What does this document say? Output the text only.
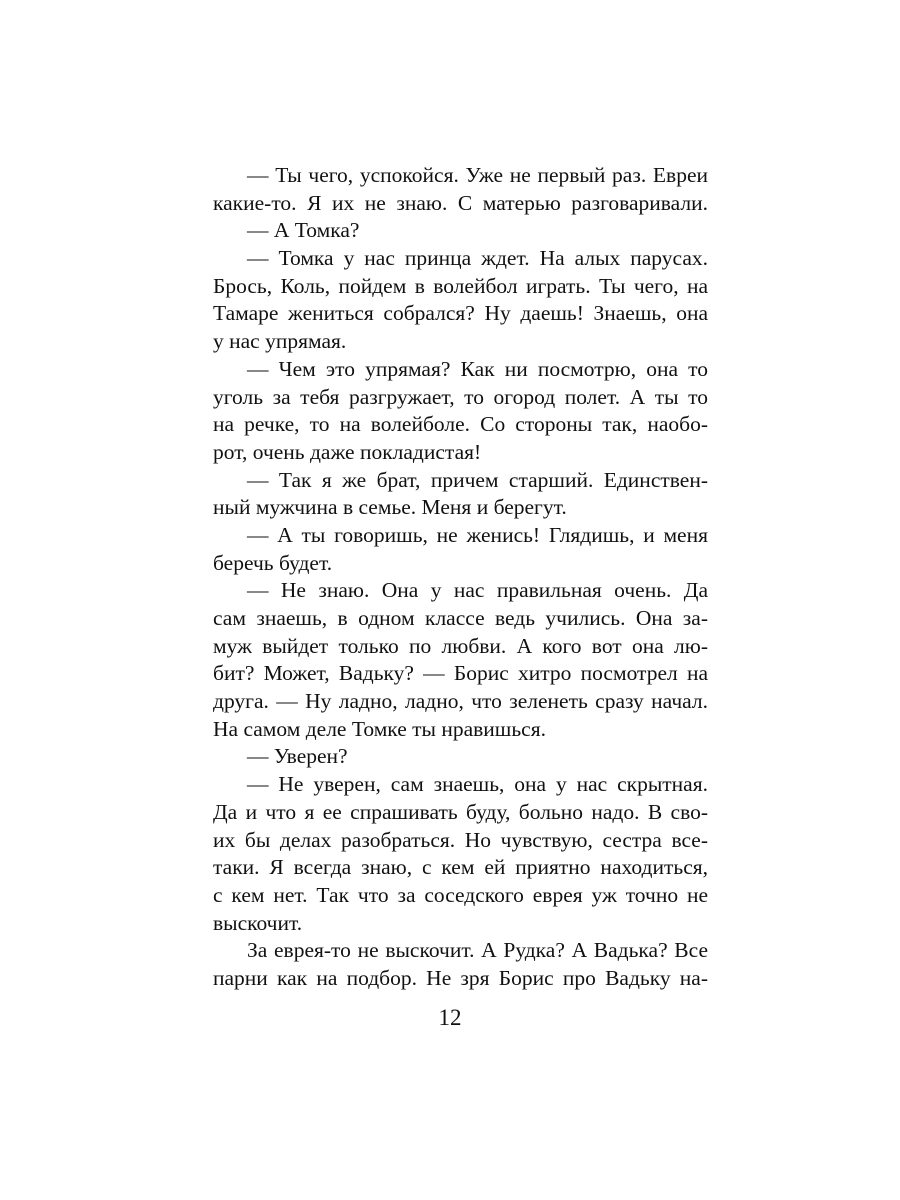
— Ты чего, успокойся. Уже не первый раз. Евреи
какие-то. Я их не знаю. С матерью разговаривали.
— А Томка?
— Томка у нас принца ждет. На алых парусах.
Брось, Коль, пойдем в волейбол играть. Ты чего, на
Тамаре жениться собрался? Ну даешь! Знаешь, она
у нас упрямая.
— Чем это упрямая? Как ни посмотрю, она то
уголь за тебя разгружает, то огород полет. А ты то
на речке, то на волейболе. Со стороны так, наобо-
рот, очень даже покладистая!
— Так я же брат, причем старший. Единствен-
ный мужчина в семье. Меня и берегут.
— А ты говоришь, не женись! Глядишь, и меня
беречь будет.
— Не знаю. Она у нас правильная очень. Да
сам знаешь, в одном классе ведь учились. Она за-
муж выйдет только по любви. А кого вот она лю-
бит? Может, Вадьку? — Борис хитро посмотрел на
друга. — Ну ладно, ладно, что зеленеть сразу начал.
На самом деле Томке ты нравишься.
— Уверен?
— Не уверен, сам знаешь, она у нас скрытная.
Да и что я ее спрашивать буду, больно надо. В сво-
их бы делах разобраться. Но чувствую, сестра все-
таки. Я всегда знаю, с кем ей приятно находиться,
с кем нет. Так что за соседского еврея уж точно не
выскочит.
За еврея-то не выскочит. А Рудка? А Вадька? Все
парни как на подбор. Не зря Борис про Вадьку на-
12
